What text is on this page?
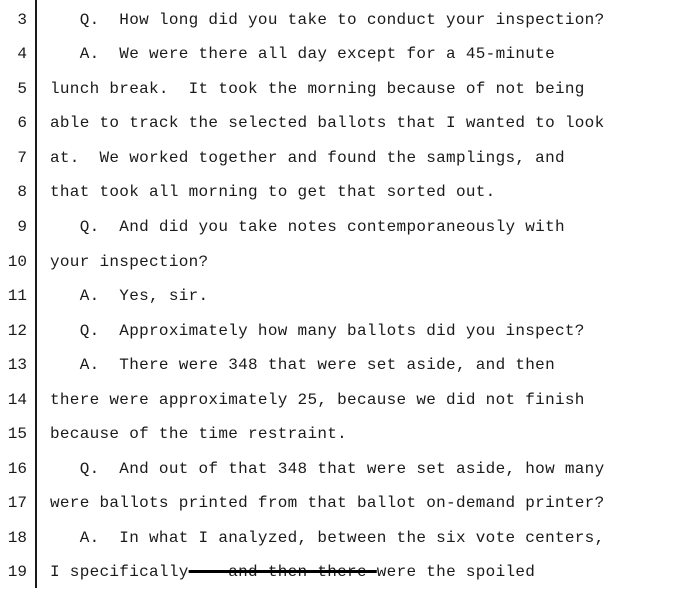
3 Q.  How long did you take to conduct your inspection?
4 A.  We were there all day except for a 45-minute
5 lunch break.  It took the morning because of not being
6 able to track the selected ballots that I wanted to look
7 at.  We worked together and found the samplings, and
8 that took all morning to get that sorted out.
9 Q.  And did you take notes contemporaneously with
10 your inspection?
11 A.  Yes, sir.
12 Q.  Approximately how many ballots did you inspect?
13 A.  There were 348 that were set aside, and then
14 there were approximately 25, because we did not finish
15 because of the time restraint.
16 Q.  And out of that 348 that were set aside, how many
17 were ballots printed from that ballot on-demand printer?
18 A.  In what I analyzed, between the six vote centers,
19 I specifically -- and then there were the spoiled
